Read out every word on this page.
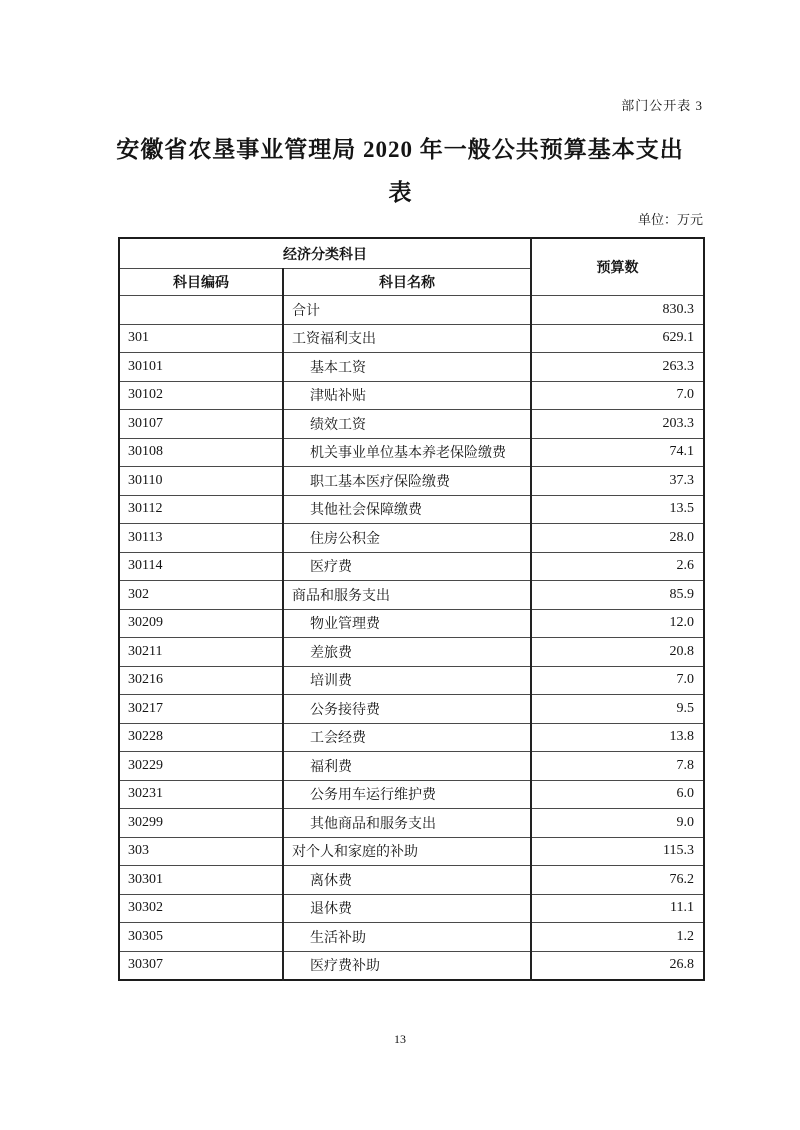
部门公开表 3
安徽省农垦事业管理局 2020 年一般公共预算基本支出
表
单位：万元
经济分类科目		预算数
科目编码	科目名称	
	合计	830.3
301	工资福利支出	629.1
30101	基本工资	263.3
30102	津贴补贴	7.0
30107	绩效工资	203.3
30108	机关事业单位基本养老保险缴费	74.1
30110	职工基本医疗保险缴费	37.3
30112	其他社会保障缴费	13.5
30113	住房公积金	28.0
30114	医疗费	2.6
302	商品和服务支出	85.9
30209	物业管理费	12.0
30211	差旅费	20.8
30216	培训费	7.0
30217	公务接待费	9.5
30228	工会经费	13.8
30229	福利费	7.8
30231	公务用车运行维护费	6.0
30299	其他商品和服务支出	9.0
303	对个人和家庭的补助	115.3
30301	离休费	76.2
30302	退休费	11.1
30305	生活补助	1.2
30307	医疗费补助	26.8
13
